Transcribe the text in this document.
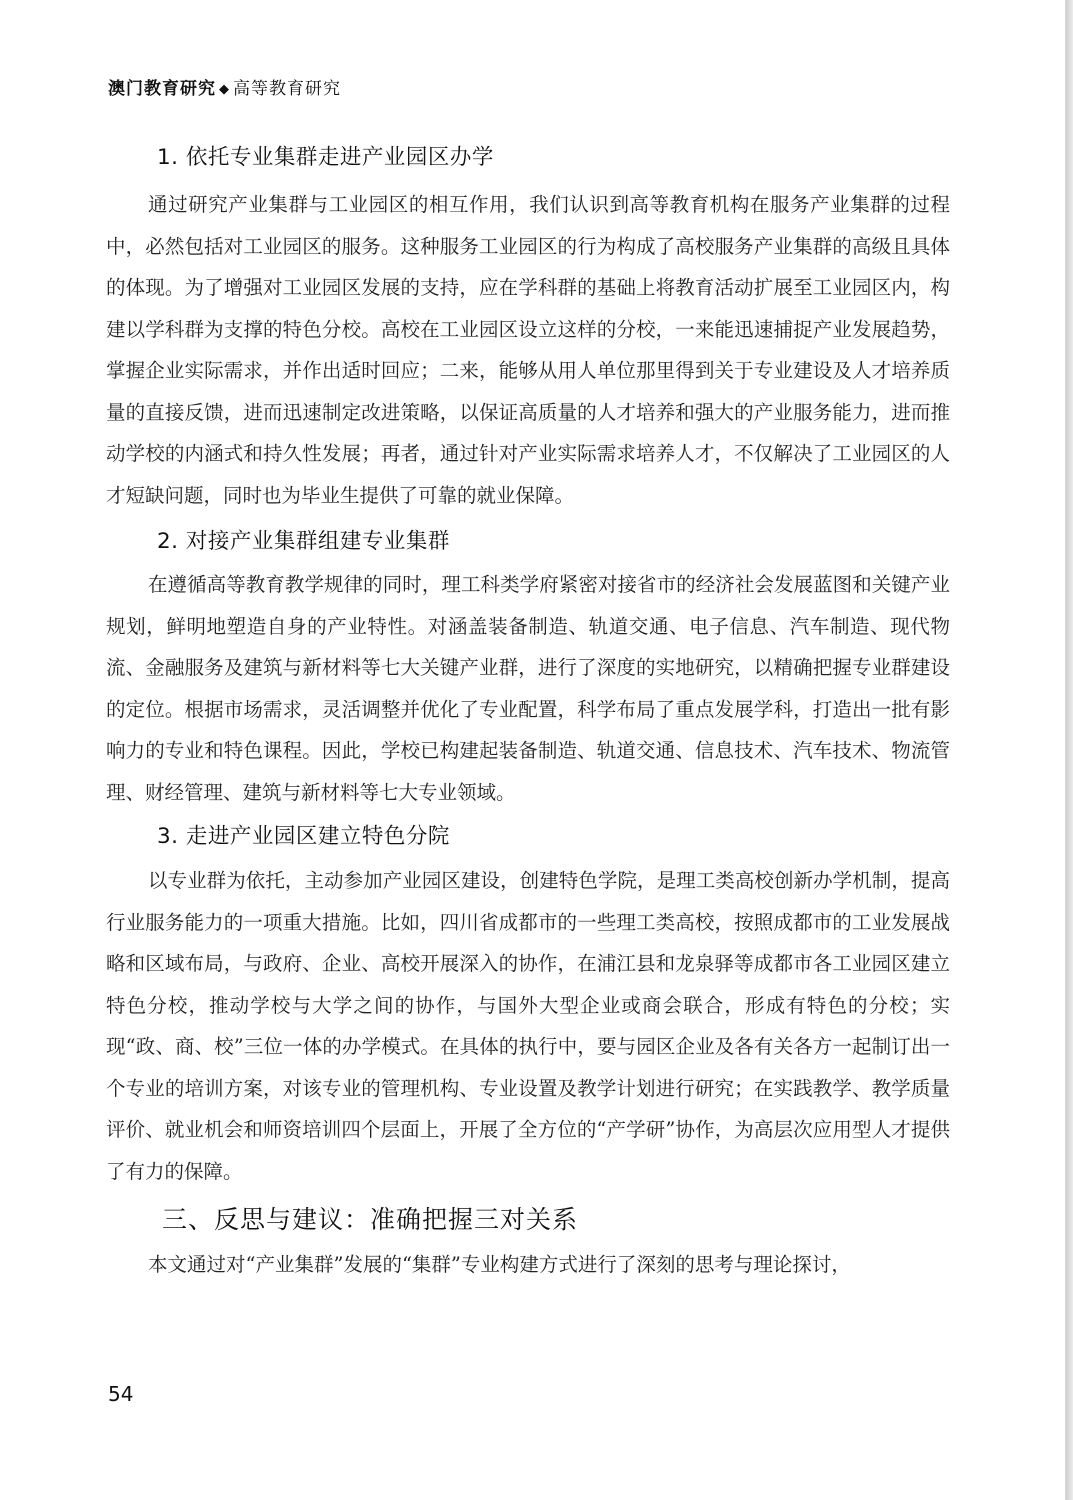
澳门教育研究 ◆ 高等教育研究
1. 依托专业集群走进产业园区办学

通过研究产业集群与工业园区的相互作用，我们认识到高等教育机构在服务产业集群的过程中，必然包括对工业园区的服务。这种服务工业园区的行为构成了高校服务产业集群的高级且具体的体现。为了增强对工业园区发展的支持，应在学科群的基础上将教育活动扩展至工业园区内，构建以学科群为支撑的特色分校。高校在工业园区设立这样的分校，一来能迅速捕捉产业发展趋势，掌握企业实际需求，并作出适时回应；二来，能够从用人单位那里得到关于专业建设及人才培养质量的直接反馈，进而迅速制定改进策略，以保证高质量的人才培养和强大的产业服务能力，进而推动学校的内涵式和持久性发展；再者，通过针对产业实际需求培养人才，不仅解决了工业园区的人才短缺问题，同时也为毕业生提供了可靠的就业保障。

2. 对接产业集群组建专业集群

在遵循高等教育教学规律的同时，理工科类学府紧密对接省市的经济社会发展蓝图和关键产业规划，鲜明地塑造自身的产业特性。对涵盖装备制造、轨道交通、电子信息、汽车制造、现代物流、金融服务及建筑与新材料等七大关键产业群，进行了深度的实地研究，以精确把握专业群建设的定位。根据市场需求，灵活调整并优化了专业配置，科学布局了重点发展学科，打造出一批有影响力的专业和特色课程。因此，学校已构建起装备制造、轨道交通、信息技术、汽车技术、物流管理、财经管理、建筑与新材料等七大专业领域。

3. 走进产业园区建立特色分院

以专业群为依托，主动参加产业园区建设，创建特色学院，是理工类高校创新办学机制，提高行业服务能力的一项重大措施。比如，四川省成都市的一些理工类高校，按照成都市的工业发展战略和区域布局，与政府、企业、高校开展深入的协作，在浦江县和龙泉驿等成都市各工业园区建立特色分校，推动学校与大学之间的协作，与国外大型企业或商会联合，形成有特色的分校；实现“政、商、校”三位一体的办学模式。在具体的执行中，要与园区企业及各有关各方一起制订出一个专业的培训方案，对该专业的管理机构、专业设置及教学计划进行研究；在实践教学、教学质量评价、就业机会和师资培训四个层面上，开展了全方位的“产学研”协作，为高层次应用型人才提供了有力的保障。

三、反思与建议：准确把握三对关系

本文通过对“产业集群”发展的“集群”专业构建方式进行了深刻的思考与理论探讨，

54
